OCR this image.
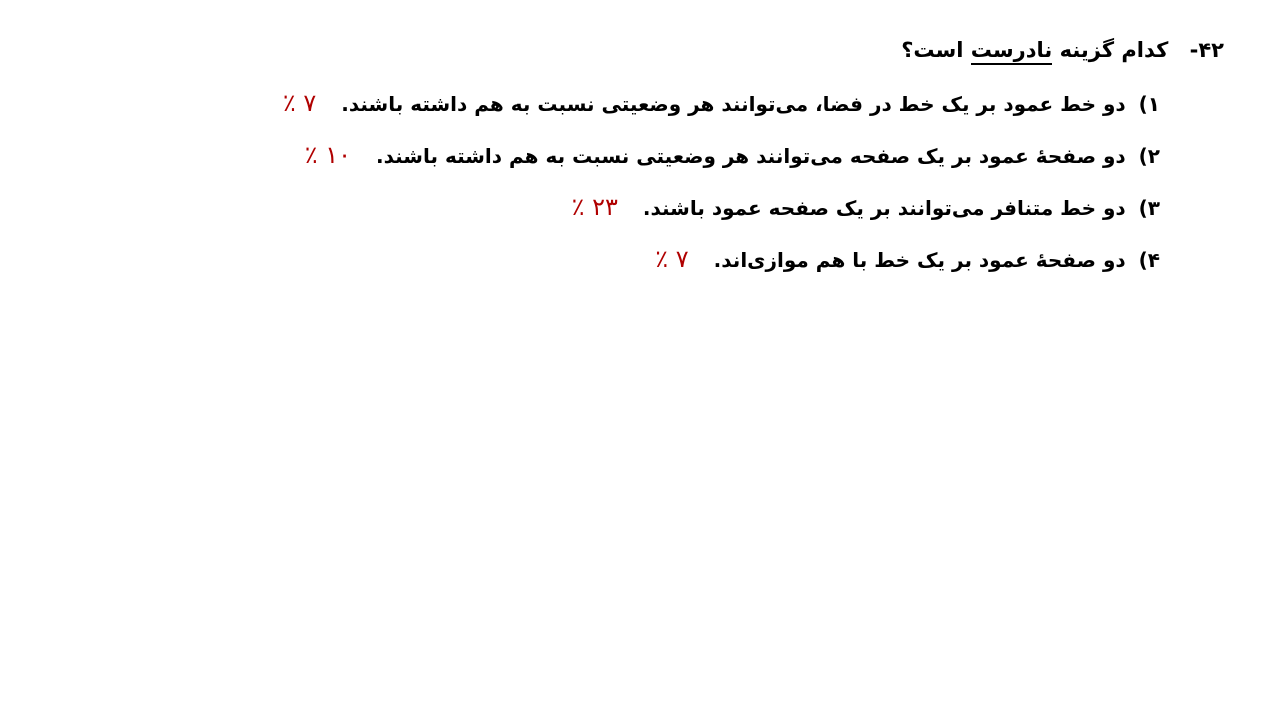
۴۲- کدام گزینه نادرست است؟
۱) دو خط عمود بر یک خط در فضا، می‌توانند هر وضعیتی نسبت به هم داشته باشند. ۷ ٪
۲) دو صفحهٔ عمود بر یک صفحه می‌توانند هر وضعیتی نسبت به هم داشته باشند. ۱۰ ٪
۳) دو خط متنافر می‌توانند بر یک صفحه عمود باشند. ۲۳ ٪
۴) دو صفحهٔ عمود بر یک خط با هم موازی‌اند. ۷ ٪
